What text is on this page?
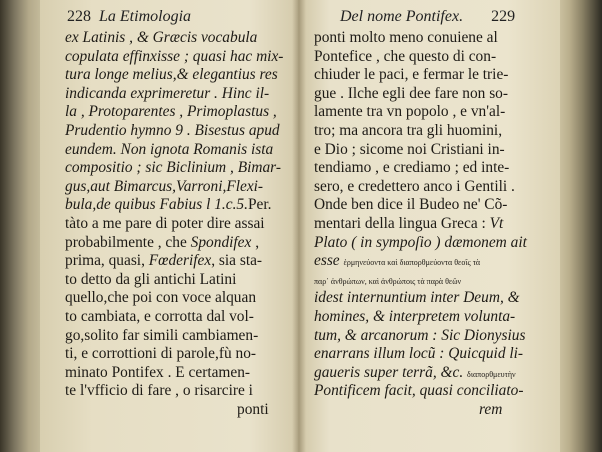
228 La Etimologia
ex Latinis , & Græcis vocabula
copulata effinxisse ; quasi hac mix-
tura longe melius,& elegantius res
indicanda exprimeretur . Hinc il-
la , Protoparentes , Primoplastus ,
Prudentio hymno 9 . Bisestus apud
eundem. Non ignota Romanis ista
compositio ; sic Biclinium , Bimar-
gus,aut Bimarcus,Varroni,Flexi-
bula,de quibus Fabius l 1.c.5.Per.
tàto a me pare di poter dire assai
probabilmente , che Spondifex ,
prima, quasi, Fœderifex, sia sta-
to detto da gli antichi Latini
quello,che poi con voce alquan
to cambiata, e corrotta dal vol-
go,solito far simili cambiamen-
ti, e corrottioni di parole,fù no-
minato Pontifex . E certamen-
te l'vfficio di fare , o risarcire i
ponti
Del nome Pontifex. 229
ponti molto meno conuiene al
Pontefice , che questo di con-
chiuder le paci, e fermar le trie-
gue . Ilche egli dee fare non so-
lamente tra vn popolo , e vn'al-
tro; ma ancora tra gli huomini,
e Dio ; sicome noi Cristiani in-
tendiamo , e crediamo ; ed inte-
sero, e credettero anco i Gentili .
Onde ben dice il Budeo ne' Cõ-
mentari della lingua Greca : Vt
Plato ( in sympoſio ) dæmonem ait
esse ἑρμηνεύοντα καὶ διαπορθμεύοντα θεοῖς τὰ
παρ᾽ ἀνθρώπων, καὶ ἀνθρώποις τὰ παρὰ θεῶν
idest internuntium inter Deum, &
homines, & interpretem volunta-
tum, & arcanorum : Sic Dionysius
enarrans illum locũ : Quicquid li-
gaueris super terrã, &c. διαπορθμευτὴν
Pontificem facit, quasi conciliato-
rem
